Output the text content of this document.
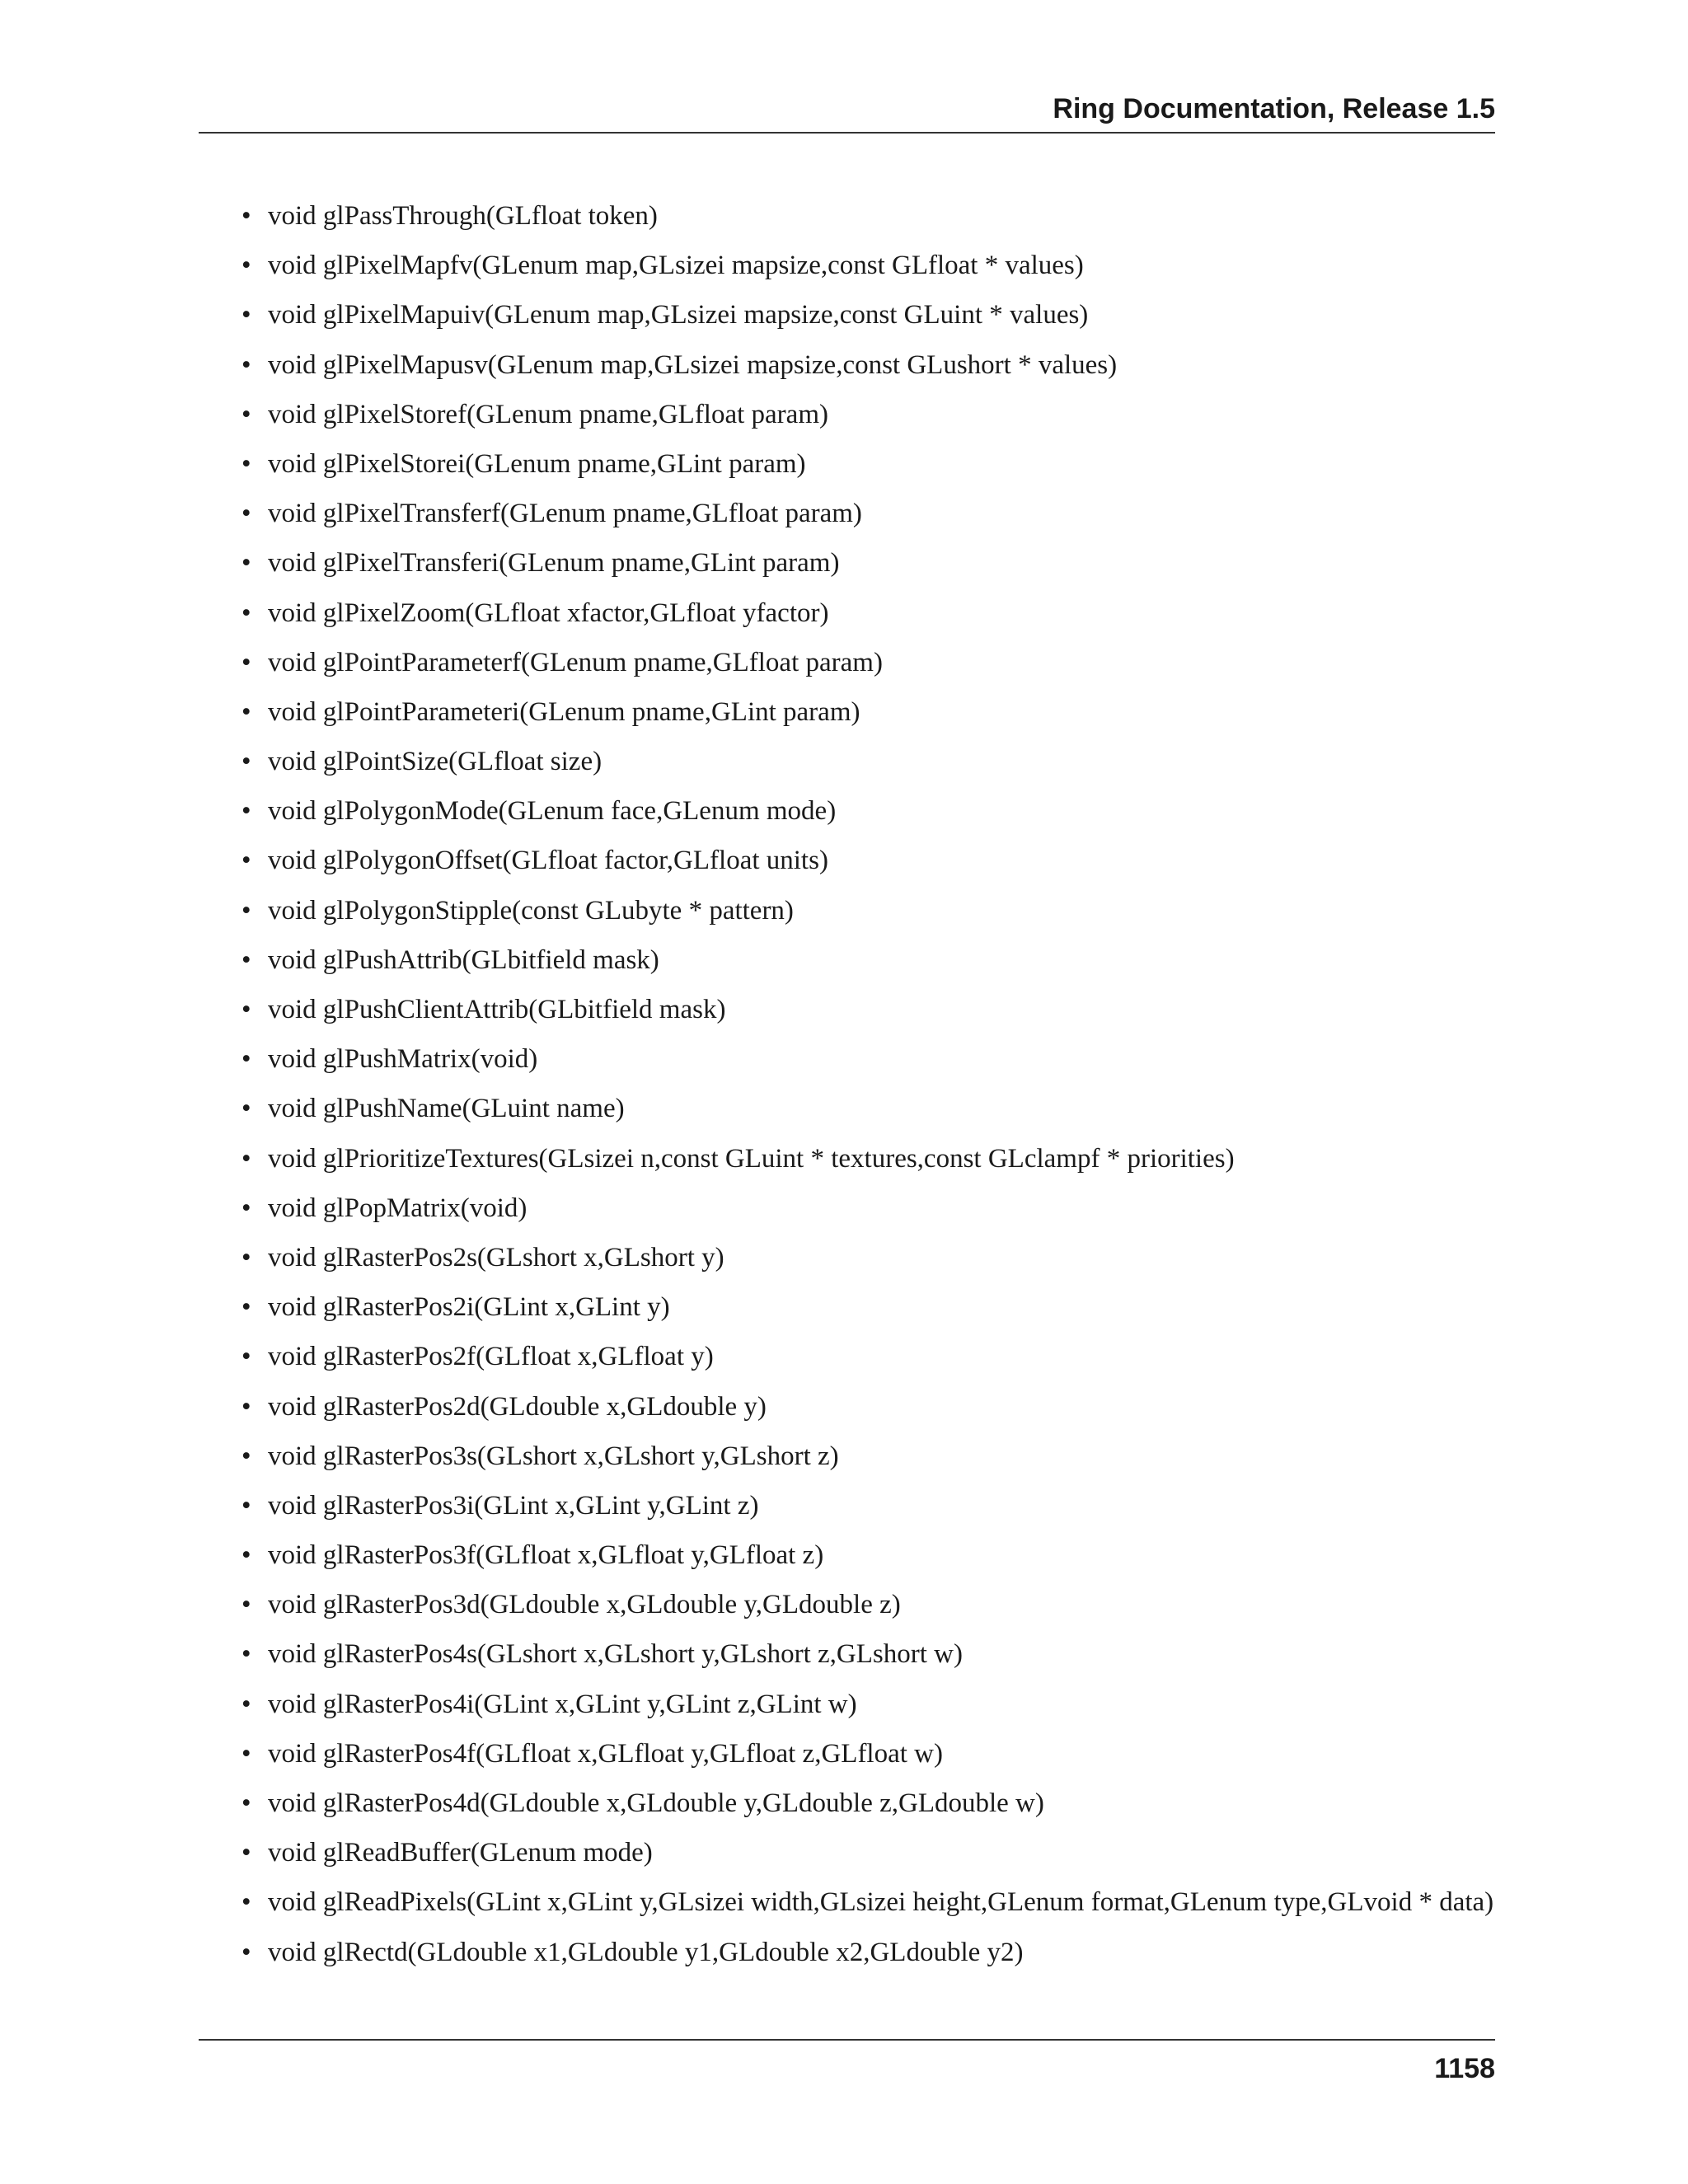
Ring Documentation, Release 1.5
• void glPassThrough(GLfloat token)
• void glPixelMapfv(GLenum map,GLsizei mapsize,const GLfloat * values)
• void glPixelMapuiv(GLenum map,GLsizei mapsize,const GLuint * values)
• void glPixelMapusv(GLenum map,GLsizei mapsize,const GLushort * values)
• void glPixelStoref(GLenum pname,GLfloat param)
• void glPixelStorei(GLenum pname,GLint param)
• void glPixelTransferf(GLenum pname,GLfloat param)
• void glPixelTransferi(GLenum pname,GLint param)
• void glPixelZoom(GLfloat xfactor,GLfloat yfactor)
• void glPointParameterf(GLenum pname,GLfloat param)
• void glPointParameteri(GLenum pname,GLint param)
• void glPointSize(GLfloat size)
• void glPolygonMode(GLenum face,GLenum mode)
• void glPolygonOffset(GLfloat factor,GLfloat units)
• void glPolygonStipple(const GLubyte * pattern)
• void glPushAttrib(GLbitfield mask)
• void glPushClientAttrib(GLbitfield mask)
• void glPushMatrix(void)
• void glPushName(GLuint name)
• void glPrioritizeTextures(GLsizei n,const GLuint * textures,const GLclampf * priorities)
• void glPopMatrix(void)
• void glRasterPos2s(GLshort x,GLshort y)
• void glRasterPos2i(GLint x,GLint y)
• void glRasterPos2f(GLfloat x,GLfloat y)
• void glRasterPos2d(GLdouble x,GLdouble y)
• void glRasterPos3s(GLshort x,GLshort y,GLshort z)
• void glRasterPos3i(GLint x,GLint y,GLint z)
• void glRasterPos3f(GLfloat x,GLfloat y,GLfloat z)
• void glRasterPos3d(GLdouble x,GLdouble y,GLdouble z)
• void glRasterPos4s(GLshort x,GLshort y,GLshort z,GLshort w)
• void glRasterPos4i(GLint x,GLint y,GLint z,GLint w)
• void glRasterPos4f(GLfloat x,GLfloat y,GLfloat z,GLfloat w)
• void glRasterPos4d(GLdouble x,GLdouble y,GLdouble z,GLdouble w)
• void glReadBuffer(GLenum mode)
• void glReadPixels(GLint x,GLint y,GLsizei width,GLsizei height,GLenum format,GLenum type,GLvoid * data)
• void glRectd(GLdouble x1,GLdouble y1,GLdouble x2,GLdouble y2)
1158
